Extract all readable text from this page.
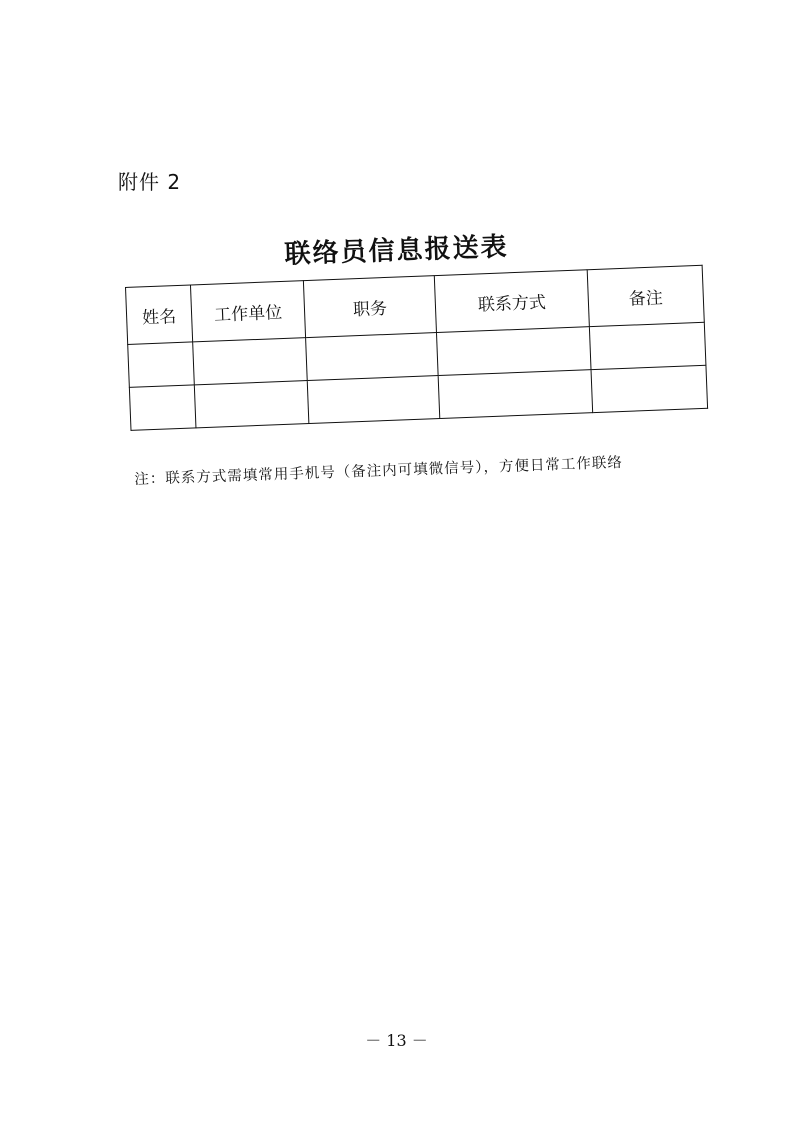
附件 2
联络员信息报送表
姓名	工作单位	职务	联系方式	备注

注：联系方式需填常用手机号（备注内可填微信号），方便日常工作联络
－ 13 －
